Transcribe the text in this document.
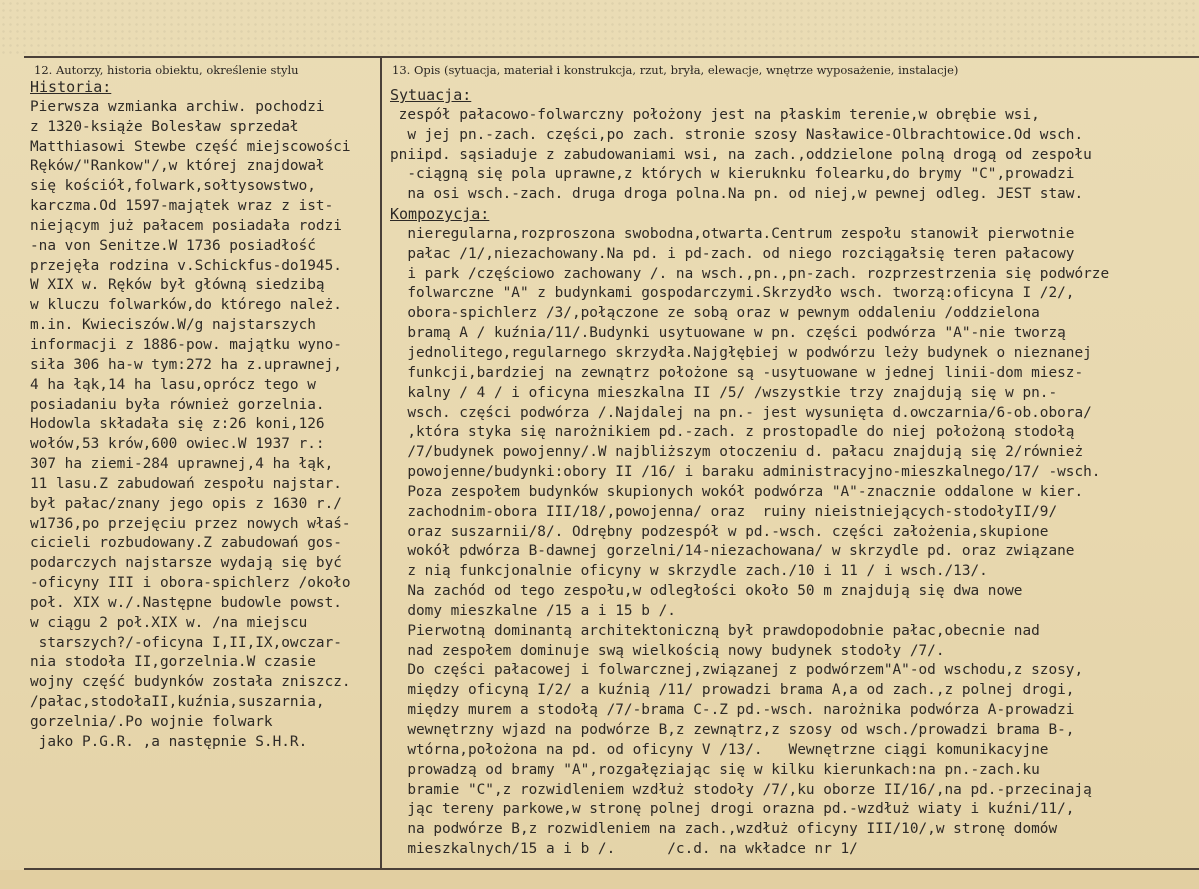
12. Autorzy, historia obiektu, określenie stylu	13. Opis (sytuacja, materiał i konstrukcja, rzut, bryła, elewacje, wnętrze wyposażenie, instalacje)
Historia:
Pierwsza wzmianka archiw. pochodzi
z 1320-książe Bolesław sprzedał
Matthiasowi Stewbe część miejscowości
Ręków/"Rankow"/,w której znajdował
się kościół,folwark,sołtysowstwo,
karczma.Od 1597-majątek wraz z ist-
niejącym już pałacem posiadała rodzi
-na von Senitze.W 1736 posiadłość
przejęła rodzina v.Schickfus-do1945.
W XIX w. Ręków był główną siedzibą
w kluczu folwarków,do którego należ.
m.in. Kwieciszów.W/g najstarszych
informacji z 1886-pow. majątku wyno-
siła 306 ha-w tym:272 ha z.uprawnej,
4 ha łąk,14 ha lasu,oprócz tego w
posiadaniu była również gorzelnia.
Hodowla składała się z:26 koni,126
wołów,53 krów,600 owiec.W 1937 r.:
307 ha ziemi-284 uprawnej,4 ha łąk,
11 lasu.Z zabudowań zespołu najstar.
był pałac/znany jego opis z 1630 r./
w1736,po przejęciu przez nowych właś-
cicieli rozbudowany.Z zabudowań gos-
podarczych najstarsze wydają się być
-oficyny III i obora-spichlerz /około
poł. XIX w./.Następne budowle powst.
w ciągu 2 poł.XIX w. /na miejscu
starszych?/-oficyna I,II,IX,owczar-
nia stodoła II,gorzelnia.W czasie
wojny część budynków została zniszcz.
/pałac,stodołaII,kuźnia,suszarnia,
gorzelnia/.Po wojnie folwark
jako P.G.R. ,a następnie S.H.R.
Sytuacja:
zespół pałacowo-folwarczny położony jest na płaskim terenie,w obrębie wsi,
w jej pn.-zach. części,po zach. stronie szosy Nasławice-Olbrachtowice.Od wsch.
pniipd. sąsiaduje z zabudowaniami wsi, na zach.,oddzielone polną drogą od zespołu
-ciągną się pola uprawne,z których w kieruknku folearku,do brymy "C",prowadzi
na osi wsch.-zach. druga droga polna.Na pn. od niej,w pewnej odleg. JEST staw.
Kompozycja:
nieregularna,rozproszona swobodna,otwarta.Centrum zespołu stanowił pierwotnie
pałac /1/,niezachowany.Na pd. i pd-zach. od niego rozciągałsię teren pałacowy
i park /częściowo zachowany /. na wsch.,pn.,pn-zach. rozprzestrzenia się podwórze
folwarczne "A" z budynkami gospodarczymi.Skrzydło wsch. tworzą:oficyna I /2/,
obora-spichlerz /3/,połączone ze sobą oraz w pewnym oddaleniu /oddzielona
bramą A / kuźnia/11/.Budynki usytuowane w pn. części podwórza "A"-nie tworzą
jednolitego,regularnego skrzydła.Najgłębiej w podwórzu leży budynek o nieznanej
funkcji,bardziej na zewnątrz położone są -usytuowane w jednej linii-dom miesz-
kalny / 4 / i oficyna mieszkalna II /5/ /wszystkie trzy znajdują się w pn.-
wsch. części podwórza /.Najdalej na pn.- jest wysunięta d.owczarnia/6-ob.obora/
,która styka się narożnikiem pd.-zach. z prostopadle do niej położoną stodołą
/7/budynek powojenny/.W najbliższym otoczeniu d. pałacu znajdują się 2/również
powojenne/budynki:obory II /16/ i baraku administracyjno-mieszkalnego/17/ -wsch.
Poza zespołem budynków skupionych wokół podwórza "A"-znacznie oddalone w kier.
zachodnim-obora III/18/,powojenna/ oraz  ruiny nieistniejących-stodołyII/9/
oraz suszarnii/8/. Odrębny podzespół w pd.-wsch. części założenia,skupione
wokół pdwórza B-dawnej gorzelni/14-niezachowana/ w skrzydle pd. oraz związane
z nią funkcjonalnie oficyny w skrzydle zach./10 i 11 / i wsch./13/.
Na zachód od tego zespołu,w odległości około 50 m znajdują się dwa nowe
domy mieszkalne /15 a i 15 b /.
Pierwotną dominantą architektoniczną był prawdopodobnie pałac,obecnie nad
nad zespołem dominuje swą wielkością nowy budynek stodoły /7/.
Do części pałacowej i folwarcznej,związanej z podwórzem"A"-od wschodu,z szosy,
między oficyną I/2/ a kuźnią /11/ prowadzi brama A,a od zach.,z polnej drogi,
między murem a stodołą /7/-brama C-.Z pd.-wsch. narożnika podwórza A-prowadzi
wewnętrzny wjazd na podwórze B,z zewnątrz,z szosy od wsch./prowadzi brama B-,
wtórna,położona na pd. od oficyny V /13/.   Wewnętrzne ciągi komunikacyjne
prowadzą od bramy "A",rozgałęziając się w kilku kierunkach:na pn.-zach.ku
bramie "C",z rozwidleniem wzdłuż stodoły /7/,ku oborze II/16/,na pd.-przecinają
jąc tereny parkowe,w stronę polnej drogi orazna pd.-wzdłuż wiaty i kuźni/11/,
na podwórze B,z rozwidleniem na zach.,wzdłuż oficyny III/10/,w stronę domów
mieszkalnych/15 a i b /.      /c.d. na wkładce nr 1/
